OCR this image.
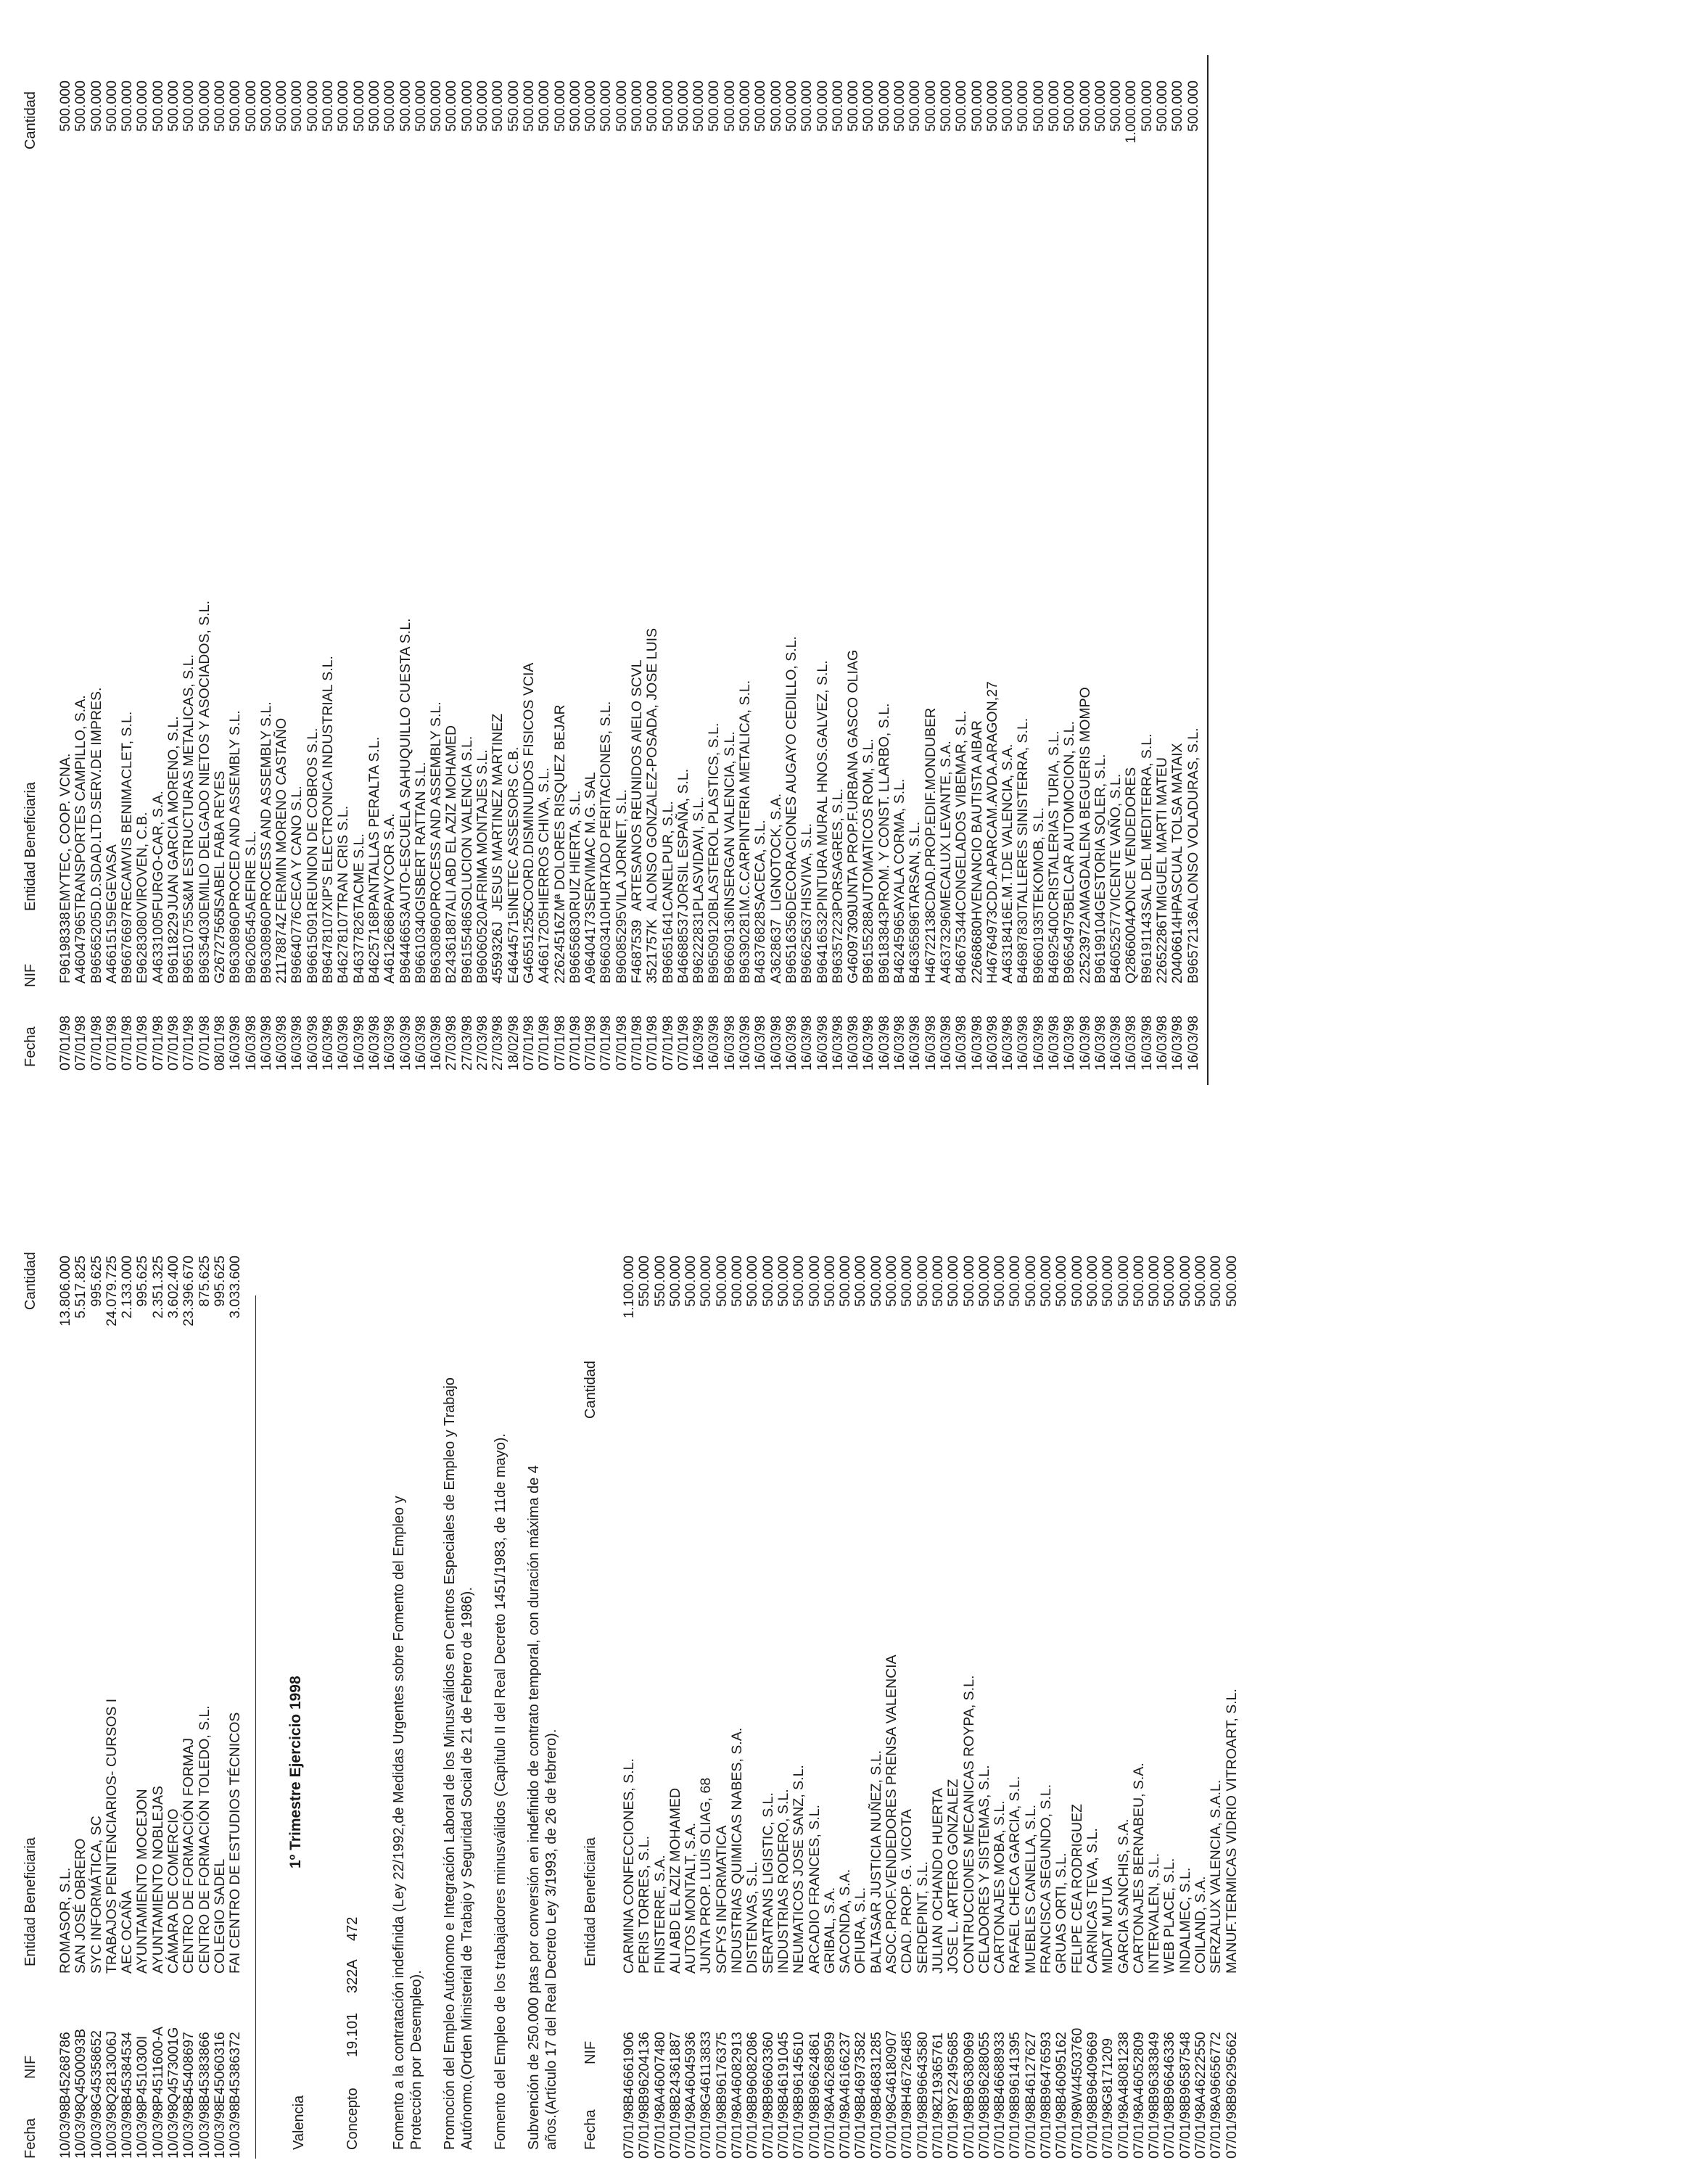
Fecha
NIF
Entidad Beneficiaria
Cantidad
10/03/98
B45268786
ROMASOR, S.L.
13.806.000
10/03/98
Q4500093B
SAN JOSÉ OBRERO
5.517.825
10/03/98
G45358652
SYC INFORMÁTICA, SC
995.625
10/03/98
Q2813006J
TRABAJOS PENITENCIARIOS- CURSOS I
24.079.725
10/03/98
B45384534
AEC OCAÑA
2.133.000
10/03/98
P4510300I
AYUNTAMIENTO MOCEJON
995.625
10/03/98
P4511600-A
AYUNTAMIENTO NOBLEJAS
2.351.325
10/03/98
Q4573001G
CÁMARA DE COMERCIO
3.602.400
10/03/98
B45408697
CENTRO DE FORMACIÓN FORMAJ
23.396.670
10/03/98
B45383866
CENTRO DE FORMACIÓN TOLEDO, S.L.
875.625
10/03/98
E45060316
COLEGIO SADEL
995.625
10/03/98
B45386372
FAI CENTRO DE ESTUDIOS TÉCNICOS
3.033.600
Valencia
1º Trimestre Ejercicio 1998
Concepto
19.101
322A
472 Fomento a la contratación indefinida (Ley 22/1992,de Medidas Urgentes sobre Fomento del Empleo y Protección por Desempleo). Promoción del Empleo Autónomo e Integración Laboral de los Minusválidos en Centros Especiales de Empleo y Trabajo Autónomo.(Orden Ministerial de Trabajo y Seguridad Social de 21 de Febrero de 1986). Fomento del Empleo de los trabajadores minusválidos (Capítulo II del Real Decreto 1451/1983, de 11de mayo). Subvención de 250.000 ptas por conversión en indefinido de contrato temporal, con duración máxima de 4 años.(Artículo 17 del Real Decreto Ley 3/1993, de 26 de febrero). Fecha
NIF
Entidad Beneficiaria
Cantidad
07/01/98
B46661906
CARMINA CONFECCIONES, S.L.
1.100.000
07/01/98
B96204136
PERIS TORRES, S.L.
550.000
07/01/98
A46007480
FINISTERRE, S.A.
550.000
07/01/98
B24361887
ALI ABD EL AZIZ MOHAMED
500.000
07/01/98
A46045936
AUTOS MONTALT, S.A.
500.000
07/01/98
G46113833
JUNTA PROP. LUIS OLIAG, 68
500.000
07/01/98
B96176375
SOFYS INFORMATICA
500.000
07/01/98
A46082913
INDUSTRIAS QUIMICAS NABES, S.A.
500.000
07/01/98
B96082086
DISTENVAS, S.L.
500.000
07/01/98
B96603360
SERATRANS LIGISTIC, S.L.
500.000
07/01/98
B46191045
INDUSTRIAS RODERO, S.L.
500.000
07/01/98
B96145610
NEUMATICOS JOSE SANZ, S.L.
500.000
07/01/98
B96624861
ARCADIO FRANCES, S.L.
500.000
07/01/98
A46268959
GRIBAL, S.A.
500.000
07/01/98
A46166237
SACONDA, S.A.
500.000
07/01/98
B46973582
OFIURA, S.L.
500.000
07/01/98
B46831285
BALTASAR JUSTICIA NUÑEZ, S.L.
500.000
07/01/98
G46180907
ASOC.PROF.VENDEDORES PRENSA VALENCIA
500.000
07/01/98
H46726485
CDAD. PROP. G. VICOTA
500.000
07/01/98
B96643580
SERDEPINT, S.L.
500.000
07/01/98
Z19365761
JULIAN OCHANDO HUERTA
500.000
07/01/98
Y22495685
JOSE L. ARTERO GONZALEZ
500.000
07/01/98
B96380969
CONTRUCCIONES MECANICAS ROYPA, S.L.
500.000
07/01/98
B96288055
CELADORES Y SISTEMAS, S.L.
500.000
07/01/98
B46688933
CARTONAJES MOBA, S.L.
500.000
07/01/98
B96141395
RAFAEL CHECA GARCIA, S.L.
500.000
07/01/98
B46127627
MUEBLES CANELLA, S.L.
500.000
07/01/98
B96476593
FRANCISCA SEGUNDO, S.L.
500.000
07/01/98
B46095162
GRUAS ORTI, S.L.
500.000
07/01/98
W44503760
FELIPE CEA RODRIGUEZ
500.000
07/01/98
B96409669
CARNICAS TEVA, S.L.
500.000
07/01/98
G8171209
MIDAT MUTUA
500.000
07/01/98
A48081238
GARCIA SANCHIS, S.A.
500.000
07/01/98
A46052809
CARTONAJES BERNABEU, S.A.
500.000
07/01/98
B96383849
INTERVALEN, S.L.
500.000
07/01/98
B96646336
WEB PLACE, S.L.
500.000
07/01/98
B96587548
INDALMEC, S.L.
500.000
07/01/98
A46222550
COILAND, S.A.
500.000
07/01/98
A96656772
SERZALUX VALENCIA, S.A.L.
500.000
07/01/98
B96295662
MANUF.TERMICAS VIDRIO VITROART, S.L.
500.000
Fecha
NIF
Entidad Beneficiaria
Cantidad
07/01/98
F96198338
EMYTEC, COOP. VCNA.
500.000
07/01/98
A46047965
TRANSPORTES CAMPILLO, S.A.
500.000
07/01/98
B96565205
D.D.SDAD.LTD.SERV.DE IMPRES.
500.000
07/01/98
A46615159
EGEVASA
500.000
07/01/98
B96676697
RECAMVIS BENIMACLET, S.L.
500.000
07/01/98
E96283080
VIROVEN, C.B.
500.000
07/01/98
A46331005
FURGO-CAR, S.A.
500.000
07/01/98
B96118229
JUAN GARCIA MORENO, S.L.
500.000
07/01/98
B96510755
S&M ESTRUCTURAS METALICAS, S.L.
500.000
07/01/98
B96354030
EMILIO DELGADO NIETOS Y ASOCIADOS, S.L.
500.000
08/01/98
G26727565
ISABEL FABA REYES
500.000
16/03/98
B96308960
PROCED AND ASSEMBLY S.L.
500.000
16/03/98
B96206545
AEFIRE S.L.
500.000
16/03/98
B96308960
PROCESS AND ASSEMBLY S.L.
500.000
16/03/98
21178874Z
FERMIN MORENO CASTAÑO
500.000
16/03/98
B96640776
CECA Y CANO S.L.
500.000
16/03/98
B96615091
REUNION DE COBROS S.L.
500.000
16/03/98
B96478107
XIP'S ELECTRONICA INDUSTRIAL S.L.
500.000
16/03/98
B46278107
TRAN CRIS S.L.
500.000
16/03/98
B46377826
TACME S.L.
500.000
16/03/98
B46257168
PANTALLAS PERALTA S.L.
500.000
16/03/98
A46126686
PAVYCOR S.A.
500.000
16/03/98
B96446653
AUTO-ESCUELA SAHUQUILLO CUESTA S.L.
500.000
16/03/98
B96610340
GISBERT RATTAN S.L.
500.000
16/03/98
B96308960
PROCESS AND ASSEMBLY S.L.
500.000
27/03/98
B24361887
ALI ABD EL AZIZ MOHAMED
500.000
27/03/98
B96155486
SOLUCION VALENCIA S.L.
500.000
27/03/98
B96060520
AFRIMA MONTAJES S.L.
500.000
27/03/98
4559326J
JESUS MARTINEZ MARTINEZ
500.000
18/02/98
E46445715
INETEC ASSESORS C.B.
550.000
07/01/98
G46551255
COORD.DISMINUIDOS FISICOS VCIA
500.000
07/01/98
A46617205
HIERROS CHIVA, S.L.
500.000
07/01/98
22624516Z
Mª DOLORES RISQUEZ BEJAR
500.000
07/01/98
B96656830
RUIZ HIERTA, S.L.
500.000
07/01/98
A96404173
SERVIMAC M.G. SAL
500.000
07/01/98
B96603410
HURTADO PERITACIONES, S.L.
500.000
07/01/98
B96085295
VILA JORNET, S.L.
500.000
07/01/98
F4687539
ARTESANOS REUNIDOS AIELO SCVL
500.000
07/01/98
3521757K
ALONSO GONZALEZ-POSADA, JOSE LUIS
500.000
07/01/98
B96651641
CANELPUR, S.L.
500.000
07/01/98
B46688537
JORSIL ESPAÑA, S.L.
500.000
16/03/98
B96222831
PLASVIDAVI, S.L.
500.000
16/03/98
B96509120
BLASTEROL PLASTICS, S.L.
500.000
16/03/98
B96609136
INSERGAN VALENCIA, S.L.
500.000
16/03/98
B96390281
M.C.CARPINTERIA METALICA, S.L.
500.000
16/03/98
B46376828
SACECA, S.L.
500.000
16/03/98
A3628637
LIGNOTOCK, S.A.
500.000
16/03/98
B96516356
DECORACIONES AUGAYO CEDILLO, S.L.
500.000
16/03/98
B96625637
HISVIVA, S.L.
500.000
16/03/98
B96416532
PINTURA MURAL HNOS.GALVEZ, S.L.
500.000
16/03/98
B96357223
PORSAGRES, S.L.
500.000
16/03/98
G46097309
JUNTA PROP.F.URBANA GASCO OLIAG
500.000
16/03/98
B96155288
AUTOMATICOS ROM, S.L.
500.000
16/03/98
B96183843
PROM. Y CONST. LLARBO, S.L.
500.000
16/03/98
B46245965
AYALA CORMA, S.L.
500.000
16/03/98
B46365896
TARSAN, S.L.
500.000
16/03/98
H46722138
CDAD.PROP.EDIF.MONDUBER
500.000
16/03/98
A46373296
MECALUX LEVANTE, S.A.
500.000
16/03/98
B46675344
CONGELADOS VIBEMAR, S.L.
500.000
16/03/98
22668680H
VENANCIO BAUTISTA AIBAR
500.000
16/03/98
H46764973
CDD.APARCAM.AVDA.ARAGON,27
500.000
16/03/98
A46318416
E.M.T.DE VALENCIA, S.A.
500.000
16/03/98
B46987830
TALLERES SINISTERRA, S.L.
500.000
16/03/98
B96601935
TEKOMOB, S.L.
500.000
16/03/98
B46925400
CRISTALERIAS TURIA, S.L.
500.000
16/03/98
B96654975
BELCAR AUTOMOCION, S.L.
500.000
16/03/98
22523972A
MAGDALENA BEGUERIS MOMPO
500.000
16/03/98
B96199104
GESTORIA SOLER, S.L.
500.000
16/03/98
B46052577
VICENTE VAÑO, S.L.
500.000
16/03/98
Q2866004A
ONCE VENDEDORES
1.000.000
16/03/98
B96191143
SAL DEL MEDITERRA, S.L.
500.000
16/03/98
22652286T
MIGUEL MARTI MATEU
500.000
16/03/98
20406614H
PASCUAL TOLSA MATAIX
500.000
16/03/98
B96572136
ALONSO VOLADURAS, S.L.
500.000
